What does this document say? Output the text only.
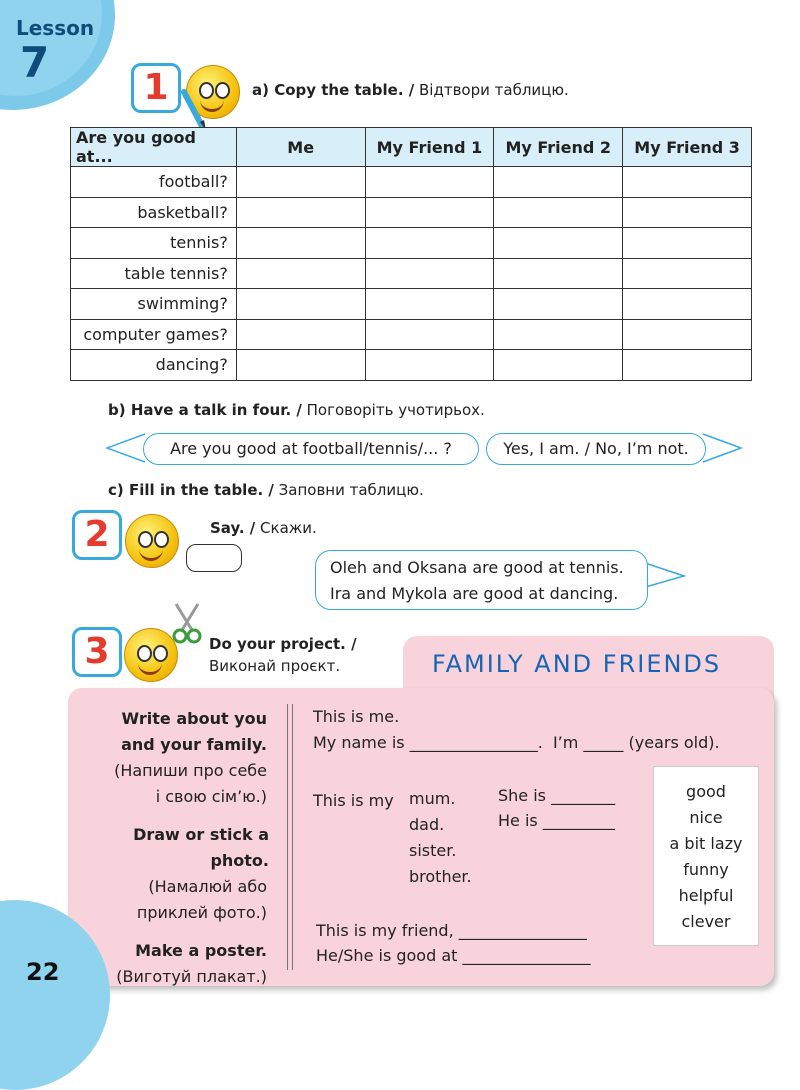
Lesson
7
1	a) Copy the table. / Відтвори таблицю.
Are you good at...	Me	My Friend 1	My Friend 2	My Friend 3
football?				
basketball?				
tennis?				
table tennis?				
swimming?				
computer games?				
dancing?				
b) Have a talk in four. / Поговоріть учотирьох.
Are you good at football/tennis/... ?	Yes, I am. / No, I’m not.
c) Fill in the table. / Заповни таблицю.
2	Say. / Скажи.
Oleh and Oksana are good at tennis.
Ira and Mykola are good at dancing.
3	Do your project. /
Виконай проєкт.	FAMILY AND FRIENDS
Write about you
and your family.
(Напиши про себе
і свою сім’ю.)
Draw or stick a photo.
(Намалюй або
приклей фото.)
Make a poster.
(Виготуй плакат.)
This is me.
My name is ________________.  I’m _____ (years old).
This is my mum.
dad.
sister.
brother.
She is ________
He is _________
good
nice
a bit lazy
funny
helpful
clever
This is my friend, ________________
He/She is good at ________________
22
